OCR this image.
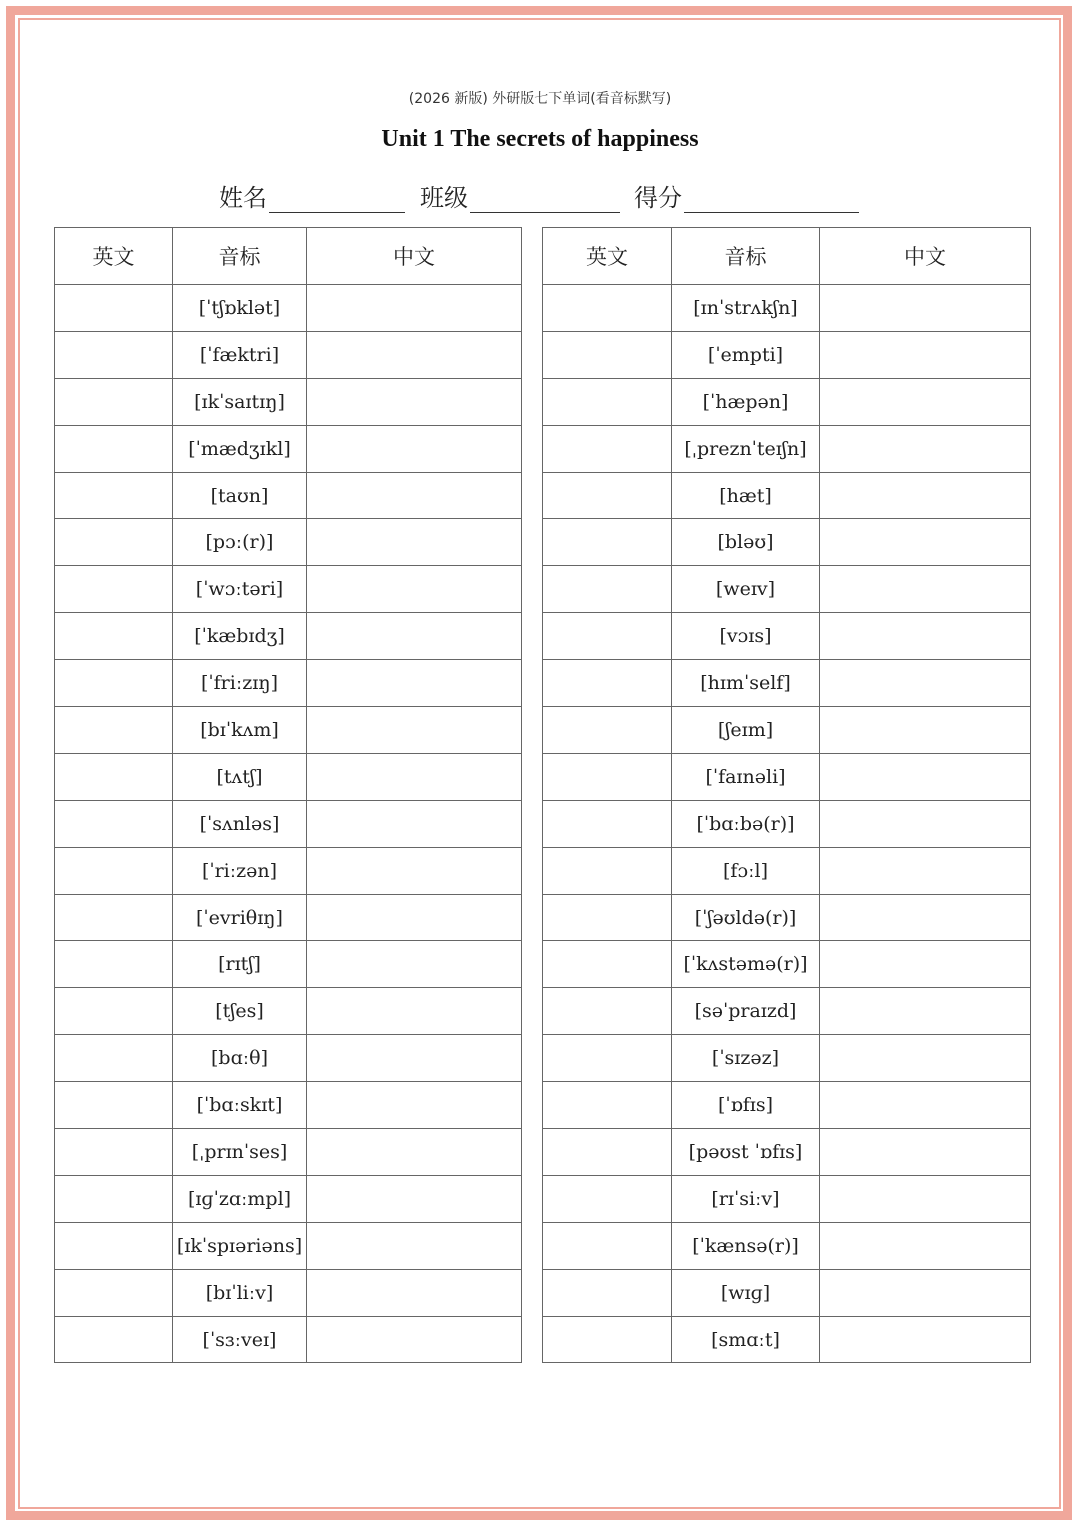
(2026 新版) 外研版七下单词(看音标默写)
Unit 1 The secrets of happiness
姓名	班级	得分
英文	音标	中文
	[ˈtʃɒklət]	
	[ˈfæktri]	
	[ɪkˈsaɪtɪŋ]	
	[ˈmædʒɪkl]	
	[taʊn]	
	[pɔː(r)]	
	[ˈwɔːtəri]	
	[ˈkæbɪdʒ]	
	[ˈfriːzɪŋ]	
	[bɪˈkʌm]	
	[tʌtʃ]	
	[ˈsʌnləs]	
	[ˈriːzən]	
	[ˈevriθɪŋ]	
	[rɪtʃ]	
	[tʃes]	
	[bɑːθ]	
	[ˈbɑːskɪt]	
	[ˌprɪnˈses]	
	[ɪɡˈzɑːmpl]	
	[ɪkˈspɪəriəns]	
	[bɪˈliːv]	
	[ˈsɜːveɪ]	
英文	音标	中文
	[ɪnˈstrʌkʃn]	
	[ˈempti]	
	[ˈhæpən]	
	[ˌpreznˈteɪʃn]	
	[hæt]	
	[bləʊ]	
	[weɪv]	
	[vɔɪs]	
	[hɪmˈself]	
	[ʃeɪm]	
	[ˈfaɪnəli]	
	[ˈbɑːbə(r)]	
	[fɔːl]	
	[ˈʃəʊldə(r)]	
	[ˈkʌstəmə(r)]	
	[səˈpraɪzd]	
	[ˈsɪzəz]	
	[ˈɒfɪs]	
	[pəʊst ˈɒfɪs]	
	[rɪˈsiːv]	
	[ˈkænsə(r)]	
	[wɪɡ]	
	[smɑːt]	
